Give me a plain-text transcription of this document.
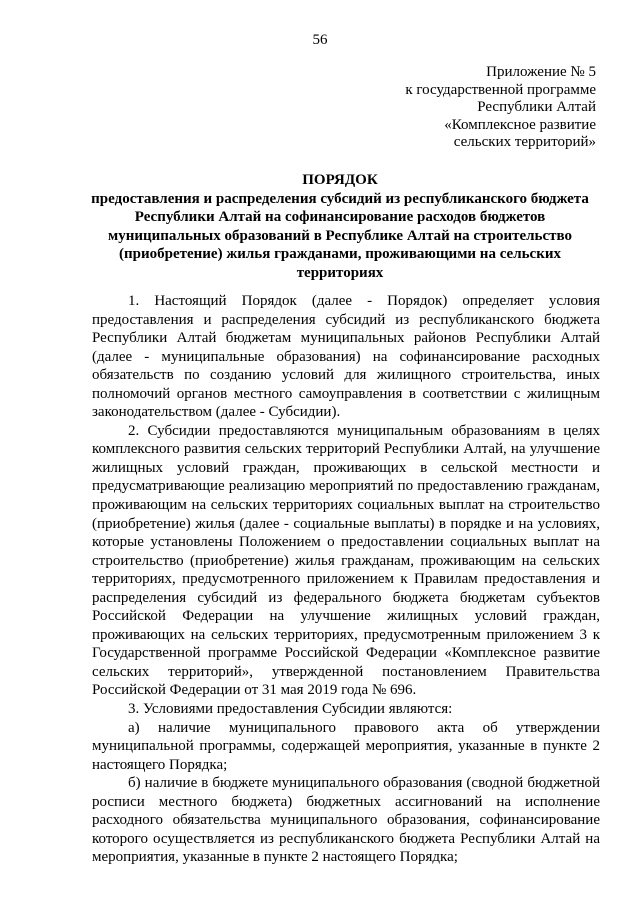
56
Приложение № 5
к государственной программе
Республики Алтай
«Комплексное развитие
сельских территорий»
ПОРЯДОК
предоставления и распределения субсидий из республиканского бюджета
Республики Алтай на софинансирование расходов бюджетов
муниципальных образований в Республике Алтай на строительство
(приобретение) жилья гражданами, проживающими на сельских
территориях

1. Настоящий Порядок (далее - Порядок) определяет условия предоставления и распределения субсидий из республиканского бюджета Республики Алтай бюджетам муниципальных районов Республики Алтай (далее - муниципальные образования) на софинансирование расходных обязательств по созданию условий для жилищного строительства, иных полномочий органов местного самоуправления в соответствии с жилищным законодательством (далее - Субсидии).

2. Субсидии предоставляются муниципальным образованиям в целях комплексного развития сельских территорий Республики Алтай, на улучшение жилищных условий граждан, проживающих в сельской местности и предусматривающие реализацию мероприятий по предоставлению гражданам, проживающим на сельских территориях социальных выплат на строительство (приобретение) жилья (далее - социальные выплаты) в порядке и на условиях, которые установлены Положением о предоставлении социальных выплат на строительство (приобретение) жилья гражданам, проживающим на сельских территориях, предусмотренного приложением к Правилам предоставления и распределения субсидий из федерального бюджета бюджетам субъектов Российской Федерации на улучшение жилищных условий граждан, проживающих на сельских территориях, предусмотренным приложением 3 к Государственной программе Российской Федерации «Комплексное развитие сельских территорий», утвержденной постановлением Правительства Российской Федерации от 31 мая 2019 года № 696.

3. Условиями предоставления Субсидии являются:

а) наличие муниципального правового акта об утверждении муниципальной программы, содержащей мероприятия, указанные в пункте 2 настоящего Порядка;

б) наличие в бюджете муниципального образования (сводной бюджетной росписи местного бюджета) бюджетных ассигнований на исполнение расходного обязательства муниципального образования, софинансирование которого осуществляется из республиканского бюджета Республики Алтай на мероприятия, указанные в пункте 2 настоящего Порядка;
